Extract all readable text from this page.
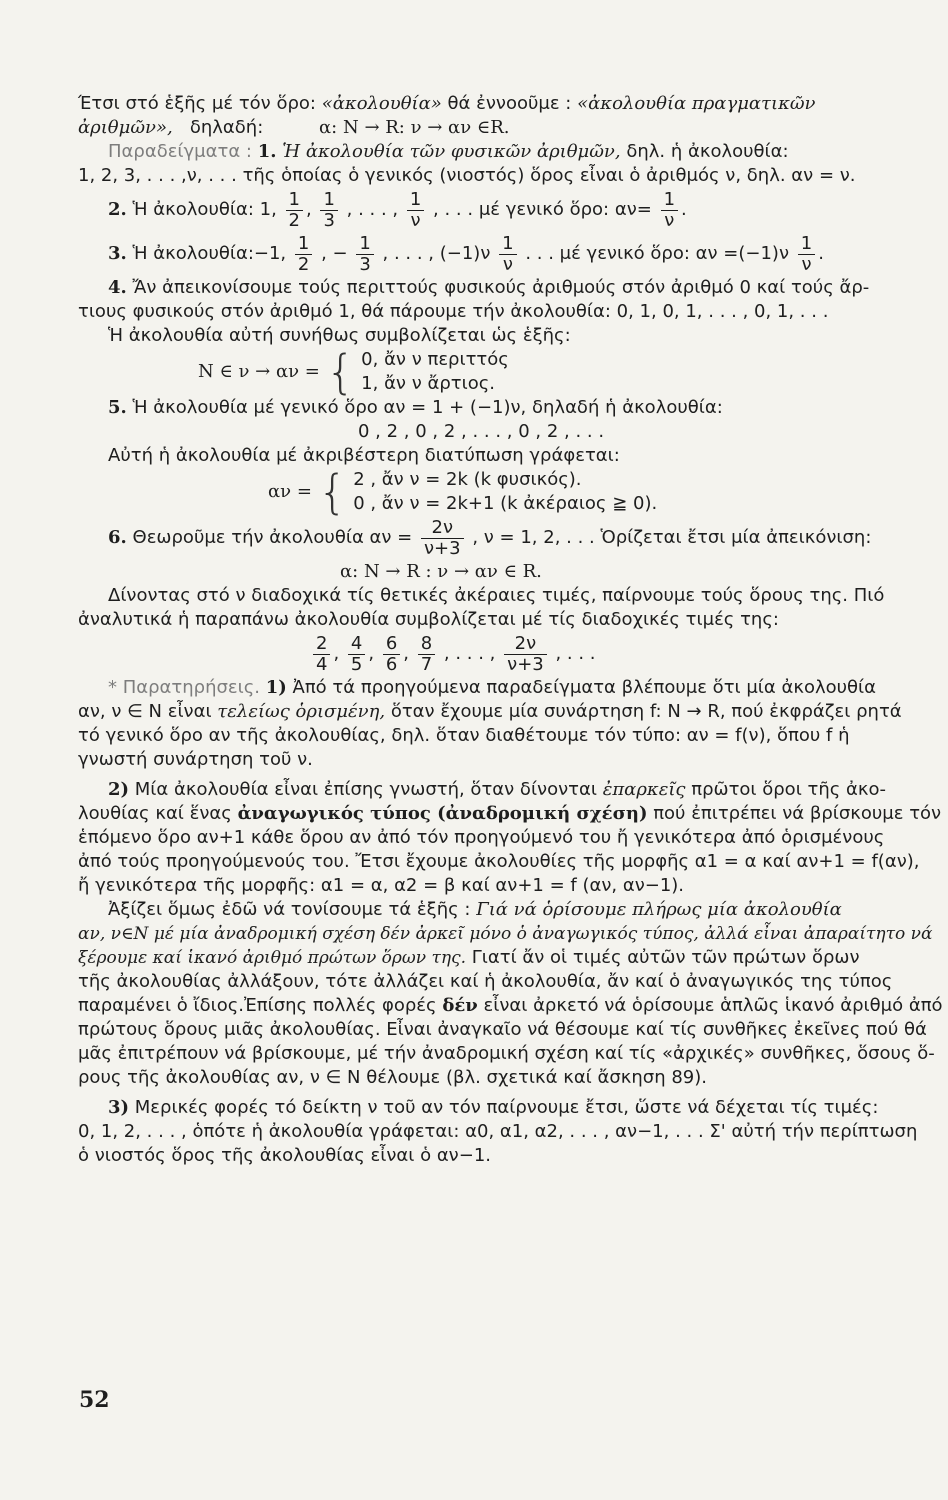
Έτσι στό ἑξῆς μέ τόν ὅρο: «ἀκολουθία» θά ἐννοοῦμε : «ἀκολουθία πραγματικῶν
ἀριθμῶν», δηλαδή:	α: N → R: ν → αν ∈R.
Παραδείγματα : 1. Ἡ ἀκολουθία τῶν φυσικῶν ἀριθμῶν, δηλ. ἡ ἀκολουθία:
1, 2, 3, . . . ,ν, . . . τῆς ὁποίας ὁ γενικός (νιοστός) ὅρος εἶναι ὁ ἀριθμός ν, δηλ. αν = ν.
2. Ἡ ἀκολουθία: 1, $\frac{1}{2}$ , $\frac{1}{3}$ , . . . , $\frac{1}{\nu}$ , . . . μέ γενικό ὅρο: $\alpha\nu= \frac{1}{\nu}$ .
3. Ἡ ἀκολουθία:−1, $\frac{1}{2}$ , − $\frac{1}{3}$ , . . . , $(-1)\nu \frac{1}{\nu}$ . . . μέ γενικό ὅρο: $\alpha\nu =(-1)\nu \frac{1}{\nu}$ .
4. Ἄν ἀπεικονίσουμε τούς περιττούς φυσικούς ἀριθμούς στόν ἀριθμό 0 καί τούς ἄρ-
τιους φυσικούς στόν ἀριθμό 1, θά πάρουμε τήν ἀκολουθία: 0, 1, 0, 1, . . . , 0, 1, . . .
Ἡ ἀκολουθία αὐτή συνήθως συμβολίζεται ὡς ἑξῆς:
N ∈ ν → αν = { 0, ἄν ν περιττός
1, ἄν ν ἄρτιος.
5. Ἡ ἀκολουθία μέ γενικό ὅρο αν = 1 + (−1)ν, δηλαδή ἡ ἀκολουθία:
0 , 2 , 0 , 2 , . . . , 0 , 2 , . . .
Αὐτή ἡ ἀκολουθία μέ ἀκριβέστερη διατύπωση γράφεται:
αν = { 2 , ἄν ν = 2k (k φυσικός).
0 , ἄν ν = 2k+1 (k ἀκέραιος ≧ 0).
6. Θεωροῦμε τήν ἀκολουθία $\alpha\nu = \frac{2\nu}{\nu+3}$ , ν = 1, 2, . . . Ὁρίζεται ἔτσι μία ἀπεικόνιση:
α: N → R : ν → αν ∈ R.
Δίνοντας στό ν διαδοχικά τίς θετικές ἀκέραιες τιμές, παίρνουμε τούς ὅρους της. Πιό
ἀναλυτικά ἡ παραπάνω ἀκολουθία συμβολίζεται μέ τίς διαδοχικές τιμές της:
$\frac{2}{4}$ , $\frac{4}{5}$ , $\frac{6}{6}$ , $\frac{8}{7}$ , . . . , $\frac{2\nu}{\nu+3}$ , . . .
* Παρατηρήσεις. 1) Ἀπό τά προηγούμενα παραδείγματα βλέπουμε ὅτι μία ἀκολουθία
αν, ν ∈ N εἶναι τελείως ὁρισμένη, ὅταν ἔχουμε μία συνάρτηση f: N → R, πού ἐκφράζει ρητά
τό γενικό ὅρο αν τῆς ἀκολουθίας, δηλ. ὅταν διαθέτουμε τόν τύπο: αν = f(ν), ὅπου f ἡ
γνωστή συνάρτηση τοῦ ν.
2) Μία ἀκολουθία εἶναι ἐπίσης γνωστή, ὅταν δίνονται ἐπαρκεῖς πρῶτοι ὅροι τῆς ἀκο-
λουθίας καί ἕνας ἀναγωγικός τύπος (ἀναδρομική σχέση) πού ἐπιτρέπει νά βρίσκουμε τόν
ἑπόμενο ὅρο αν+1 κάθε ὅρου αν ἀπό τόν προηγούμενό του ἤ γενικότερα ἀπό ὁρισμένους
ἀπό τούς προηγούμενούς του. Ἔτσι ἔχουμε ἀκολουθίες τῆς μορφῆς α1 = α καί αν+1 = f(αν),
ἤ γενικότερα τῆς μορφῆς: α1 = α, α2 = β καί αν+1 = f (αν, αν−1).
Ἀξίζει ὅμως ἐδῶ νά τονίσουμε τά ἑξῆς : Γιά νά ὁρίσουμε πλήρως μία ἀκολουθία
αν, ν∈N μέ μία ἀναδρομική σχέση δέν ἀρκεῖ μόνο ὁ ἀναγωγικός τύπος, ἀλλά εἶναι ἀπαραίτητο νά
ξέρουμε καί ἱκανό ἀριθμό πρώτων ὅρων της. Γιατί ἄν οἱ τιμές αὐτῶν τῶν πρώτων ὅρων
τῆς ἀκολουθίας ἀλλάξουν, τότε ἀλλάζει καί ἡ ἀκολουθία, ἄν καί ὁ ἀναγωγικός της τύπος
παραμένει ὁ ἴδιος.Ἐπίσης πολλές φορές δέν εἶναι ἀρκετό νά ὁρίσουμε ἁπλῶς ἱκανό ἀριθμό ἀπό
πρώτους ὅρους μιᾶς ἀκολουθίας. Εἶναι ἀναγκαῖο νά θέσουμε καί τίς συνθῆκες ἐκεῖνες πού θά
μᾶς ἐπιτρέπουν νά βρίσκουμε, μέ τήν ἀναδρομική σχέση καί τίς «ἀρχικές» συνθῆκες, ὅσους ὅ-
ρους τῆς ἀκολουθίας αν, ν ∈ N θέλουμε (βλ. σχετικά καί ἄσκηση 89).
3) Μερικές φορές τό δείκτη ν τοῦ αν τόν παίρνουμε ἔτσι, ὥστε νά δέχεται τίς τιμές:
0, 1, 2, . . . , ὁπότε ἡ ἀκολουθία γράφεται: α0, α1, α2, . . . , αν−1, . . . Σ' αὐτή τήν περίπτωση
ὁ νιοστός ὅρος τῆς ἀκολουθίας εἶναι ὁ αν−1.
52
